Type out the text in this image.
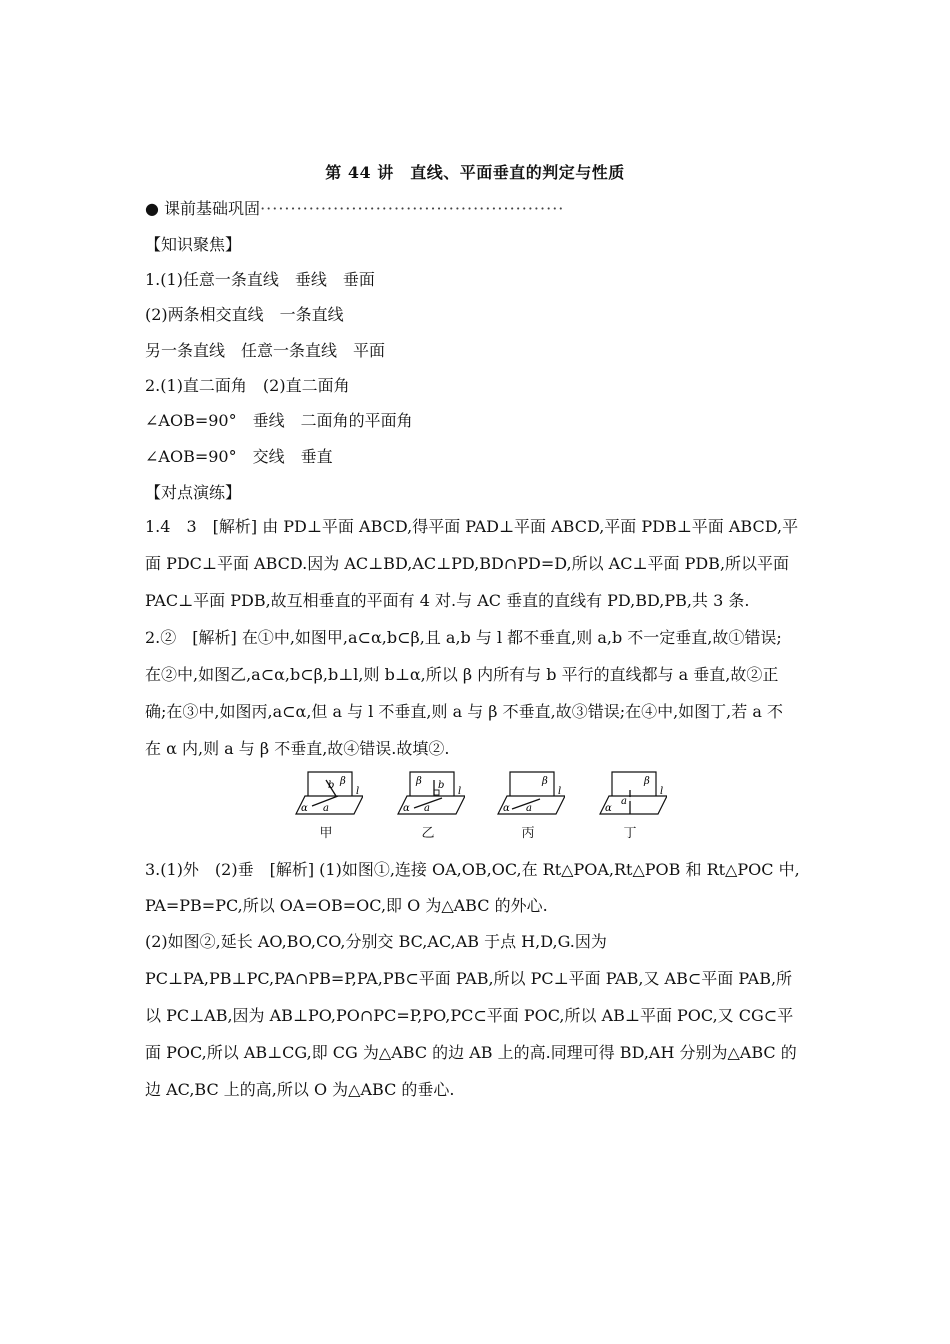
第 44 讲　直线、平面垂直的判定与性质
● 课前基础巩固··················································
【知识聚焦】
1.(1)任意一条直线　垂线　垂面
(2)两条相交直线　一条直线
另一条直线　任意一条直线　平面
2.(1)直二面角　(2)直二面角
∠AOB=90°　垂线　二面角的平面角
∠AOB=90°　交线　垂直
【对点演练】
1.4　3　[解析] 由 PD⊥平面 ABCD,得平面 PAD⊥平面 ABCD,平面 PDB⊥平面 ABCD,平
面 PDC⊥平面 ABCD.因为 AC⊥BD,AC⊥PD,BD∩PD=D,所以 AC⊥平面 PDB,所以平面
PAC⊥平面 PDB,故互相垂直的平面有 4 对.与 AC 垂直的直线有 PD,BD,PB,共 3 条.
2.②　[解析] 在①中,如图甲,a⊂α,b⊂β,且 a,b 与 l 都不垂直,则 a,b 不一定垂直,故①错误;
在②中,如图乙,a⊂α,b⊂β,b⊥l,则 b⊥α,所以 β 内所有与 b 平行的直线都与 a 垂直,故②正
确;在③中,如图丙,a⊂α,但 a 与 l 不垂直,则 a 与 β 不垂直,故③错误;在④中,如图丁,若 a 不
在 α 内,则 a 与 β 不垂直,故④错误.故填②.
α a
b β
l
甲
α a
b
β
l
乙
α a
β
l
丙
α
a
β
l
丁
3.(1)外　(2)垂　[解析] (1)如图①,连接 OA,OB,OC,在 Rt△POA,Rt△POB 和 Rt△POC 中,
PA=PB=PC,所以 OA=OB=OC,即 O 为△ABC 的外心.
(2)如图②,延长 AO,BO,CO,分别交 BC,AC,AB 于点 H,D,G.因为
PC⊥PA,PB⊥PC,PA∩PB=P,PA,PB⊂平面 PAB,所以 PC⊥平面 PAB,又 AB⊂平面 PAB,所
以 PC⊥AB,因为 AB⊥PO,PO∩PC=P,PO,PC⊂平面 POC,所以 AB⊥平面 POC,又 CG⊂平
面 POC,所以 AB⊥CG,即 CG 为△ABC 的边 AB 上的高.同理可得 BD,AH 分别为△ABC 的
边 AC,BC 上的高,所以 O 为△ABC 的垂心.
